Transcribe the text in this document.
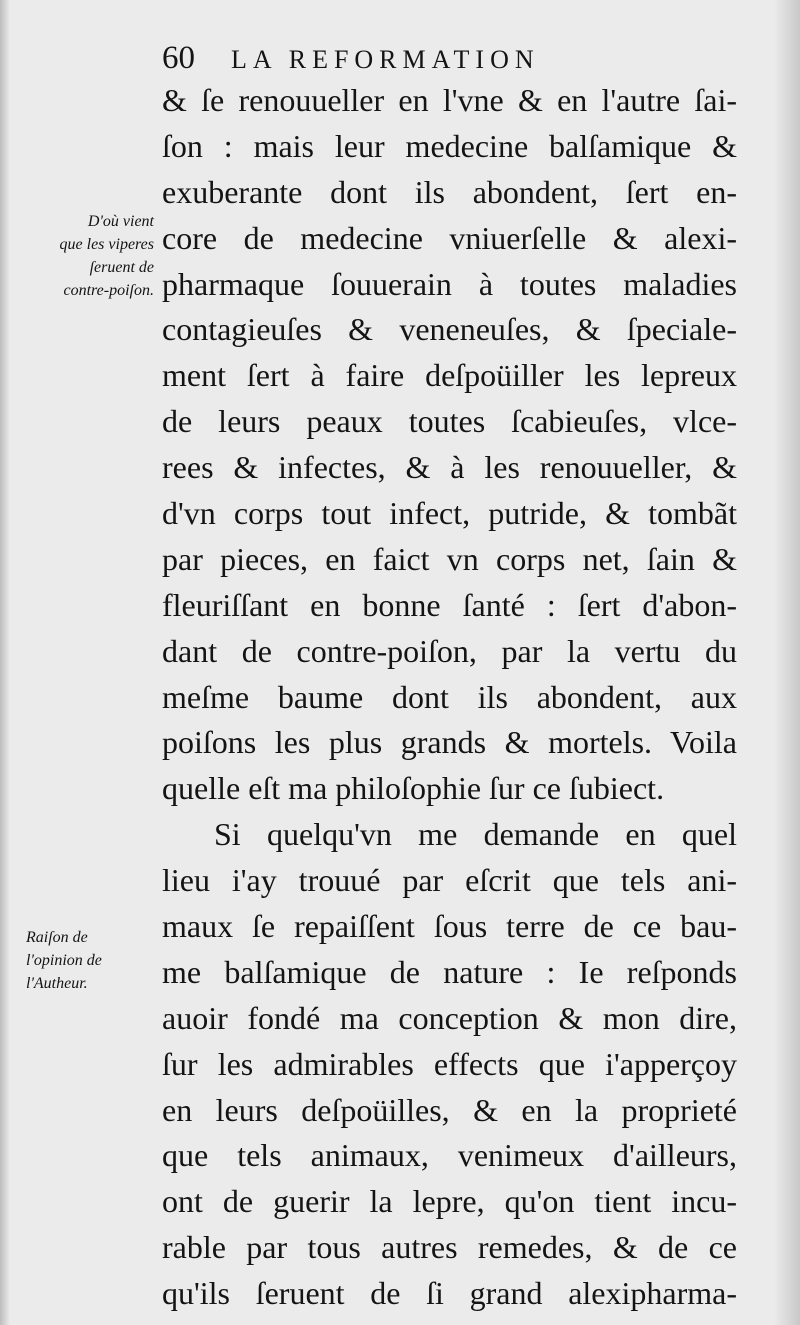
60 LA REFORMATION
D'où vient
que les viperes
ſeruent de
contre-poiſon.
Raiſon de
l'opinion de
l'Autheur.
& ſe renouueller en l'vne & en l'autre ſai-
ſon : mais leur medecine balſamique &
exuberante dont ils abondent, ſert en-
core de medecine vniuerſelle & alexi-
pharmaque ſouuerain à toutes maladies
contagieuſes & veneneuſes, & ſpeciale-
ment ſert à faire deſpoüiller les lepreux
de leurs peaux toutes ſcabieuſes, vlce-
rees & infectes, & à les renouueller, &
d'vn corps tout infect, putride, & tombãt
par pieces, en faict vn corps net, ſain &
fleuriſſant en bonne ſanté : ſert d'abon-
dant de contre-poiſon, par la vertu du
meſme baume dont ils abondent, aux
poiſons les plus grands & mortels. Voila
quelle eſt ma philoſophie ſur ce ſubiect.
Si quelqu'vn me demande en quel
lieu i'ay trouué par eſcrit que tels ani-
maux ſe repaiſſent ſous terre de ce bau-
me balſamique de nature : Ie reſponds
auoir fondé ma conception & mon dire,
ſur les admirables effects que i'apperçoy
en leurs deſpoüilles, & en la proprieté
que tels animaux, venimeux d'ailleurs,
ont de guerir la lepre, qu'on tient incu-
rable par tous autres remedes, & de ce
qu'ils ſeruent de ſi grand alexipharma-
